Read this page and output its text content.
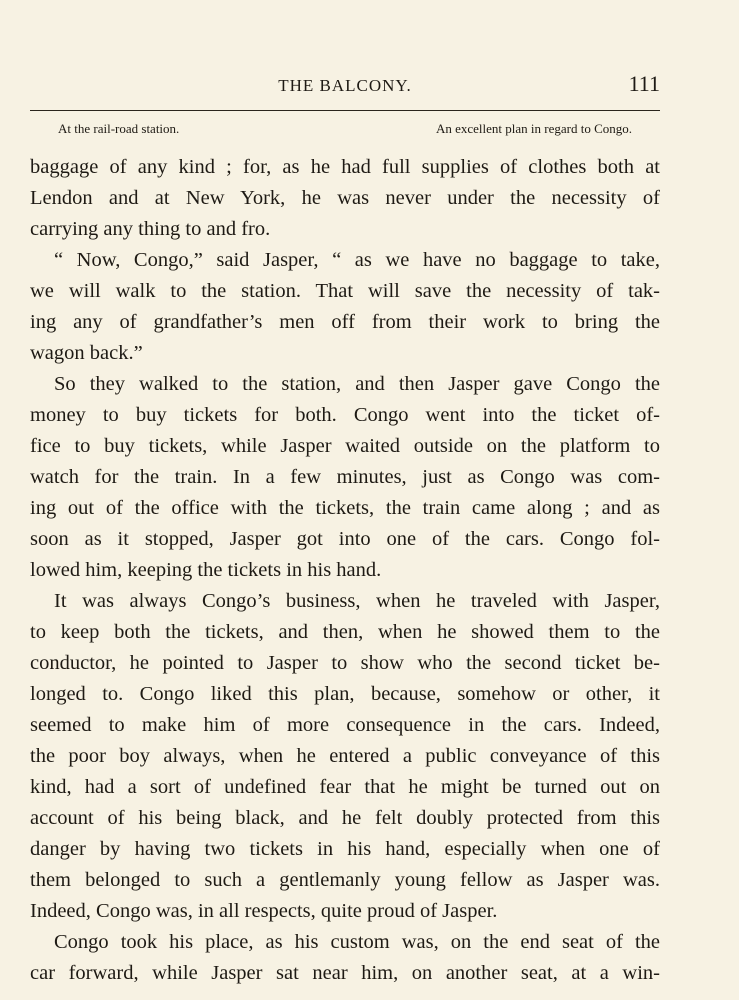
THE BALCONY.	111
At the rail-road station.	An excellent plan in regard to Congo.
baggage of any kind ; for, as he had full supplies of clothes both at
Lendon and at New York, he was never under the necessity of
carrying any thing to and fro.
“ Now, Congo,” said Jasper, “ as we have no baggage to take,
we will walk to the station. That will save the necessity of tak-
ing any of grandfather’s men off from their work to bring the
wagon back.”
So they walked to the station, and then Jasper gave Congo the
money to buy tickets for both. Congo went into the ticket of-
fice to buy tickets, while Jasper waited outside on the platform to
watch for the train. In a few minutes, just as Congo was com-
ing out of the office with the tickets, the train came along ; and as
soon as it stopped, Jasper got into one of the cars. Congo fol-
lowed him, keeping the tickets in his hand.
It was always Congo’s business, when he traveled with Jasper,
to keep both the tickets, and then, when he showed them to the
conductor, he pointed to Jasper to show who the second ticket be-
longed to. Congo liked this plan, because, somehow or other, it
seemed to make him of more consequence in the cars. Indeed,
the poor boy always, when he entered a public conveyance of this
kind, had a sort of undefined fear that he might be turned out on
account of his being black, and he felt doubly protected from this
danger by having two tickets in his hand, especially when one of
them belonged to such a gentlemanly young fellow as Jasper was.
Indeed, Congo was, in all respects, quite proud of Jasper.
Congo took his place, as his custom was, on the end seat of the
car forward, while Jasper sat near him, on another seat, at a win-
